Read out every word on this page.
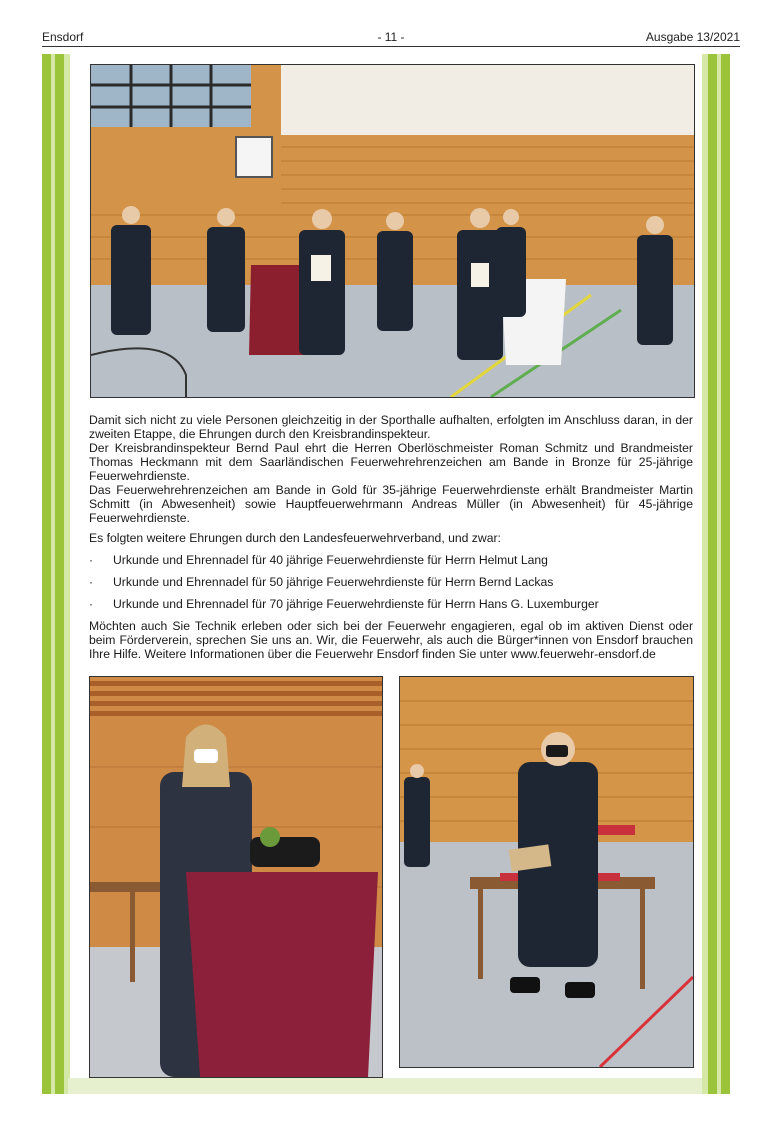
Ensdorf	- 11 -	Ausgabe 13/2021

Damit sich nicht zu viele Personen gleichzeitig in der Sporthalle aufhalten, erfolgten im Anschluss daran, in der zweiten Etappe, die Ehrungen durch den Kreisbrandinspekteur.

Der Kreisbrandinspekteur Bernd Paul ehrt die Herren Oberlöschmeister Roman Schmitz und Brandmeister Thomas Heckmann mit dem Saarländischen Feuerwehrehrenzeichen am Bande in Bronze für 25-jährige Feuerwehrdienste.

Das Feuerwehrehrenzeichen am Bande in Gold für 35-jährige Feuerwehrdienste erhält Brandmeister Martin Schmitt (in Abwesenheit) sowie Hauptfeuerwehrmann Andreas Müller (in Abwesenheit) für 45-jährige Feuerwehrdienste.

Es folgten weitere Ehrungen durch den Landesfeuerwehrverband, und zwar:

· Urkunde und Ehrennadel für 40 jährige Feuerwehrdienste für Herrn Helmut Lang
· Urkunde und Ehrennadel für 50 jährige Feuerwehrdienste für Herrn Bernd Lackas
· Urkunde und Ehrennadel für 70 jährige Feuerwehrdienste für Herrn Hans G. Luxemburger

Möchten auch Sie Technik erleben oder sich bei der Feuerwehr engagieren, egal ob im aktiven Dienst oder beim Förderverein, sprechen Sie uns an. Wir, die Feuerwehr, als auch die Bürger*innen von Ensdorf brauchen Ihre Hilfe. Weitere Informationen über die Feuerwehr Ensdorf finden Sie unter www.feuerwehr-ensdorf.de
